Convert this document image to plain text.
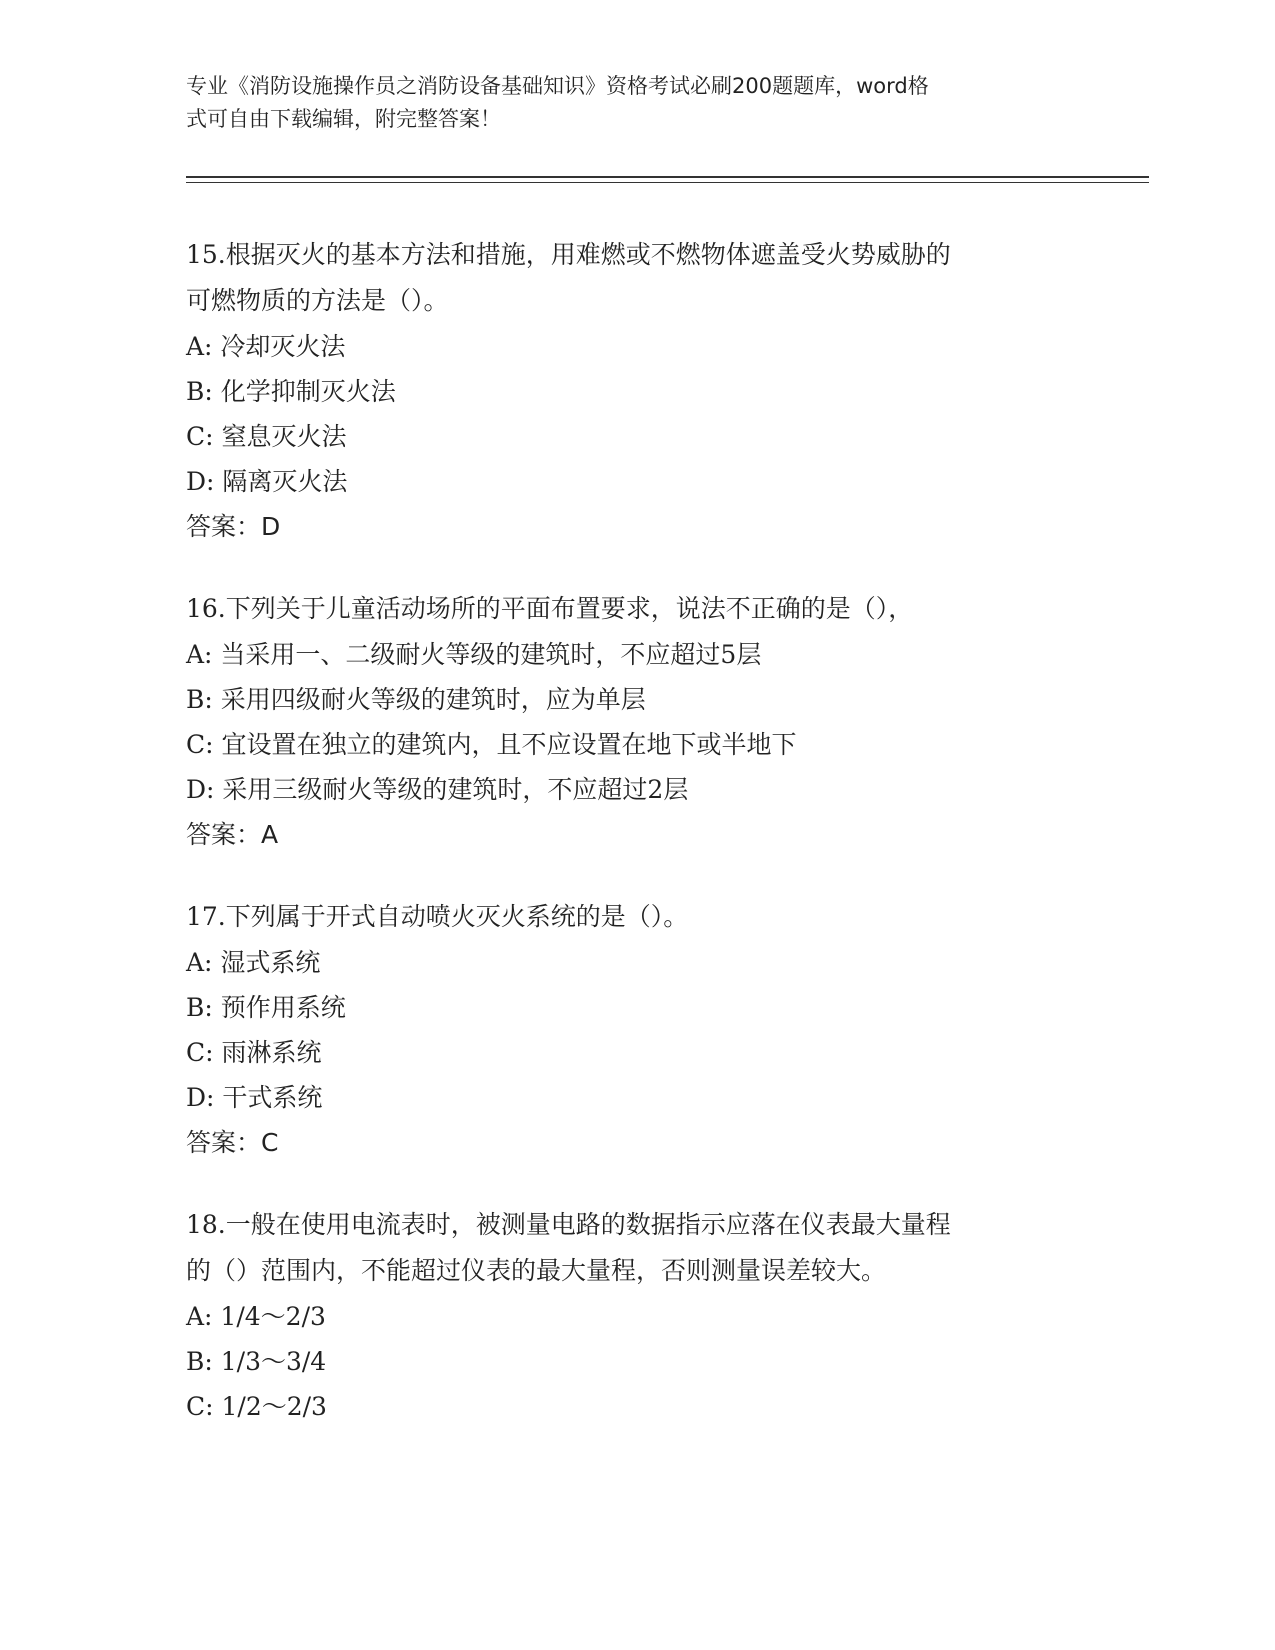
专业《消防设施操作员之消防设备基础知识》资格考试必刷200题题库，word格
式可自由下载编辑，附完整答案！
15.根据灭火的基本方法和措施，用难燃或不燃物体遮盖受火势威胁的
可燃物质的方法是（）。
A: 冷却灭火法
B: 化学抑制灭火法
C: 窒息灭火法
D: 隔离灭火法
答案：D
16.下列关于儿童活动场所的平面布置要求，说法不正确的是（），
A: 当采用一、二级耐火等级的建筑时，不应超过5层
B: 采用四级耐火等级的建筑时，应为单层
C: 宜设置在独立的建筑内，且不应设置在地下或半地下
D: 采用三级耐火等级的建筑时，不应超过2层
答案：A
17.下列属于开式自动喷火灭火系统的是（）。
A: 湿式系统
B: 预作用系统
C: 雨淋系统
D: 干式系统
答案：C
18.一般在使用电流表时，被测量电路的数据指示应落在仪表最大量程
的（）范围内，不能超过仪表的最大量程，否则测量误差较大。
A: 1/4～2/3
B: 1/3～3/4
C: 1/2～2/3
